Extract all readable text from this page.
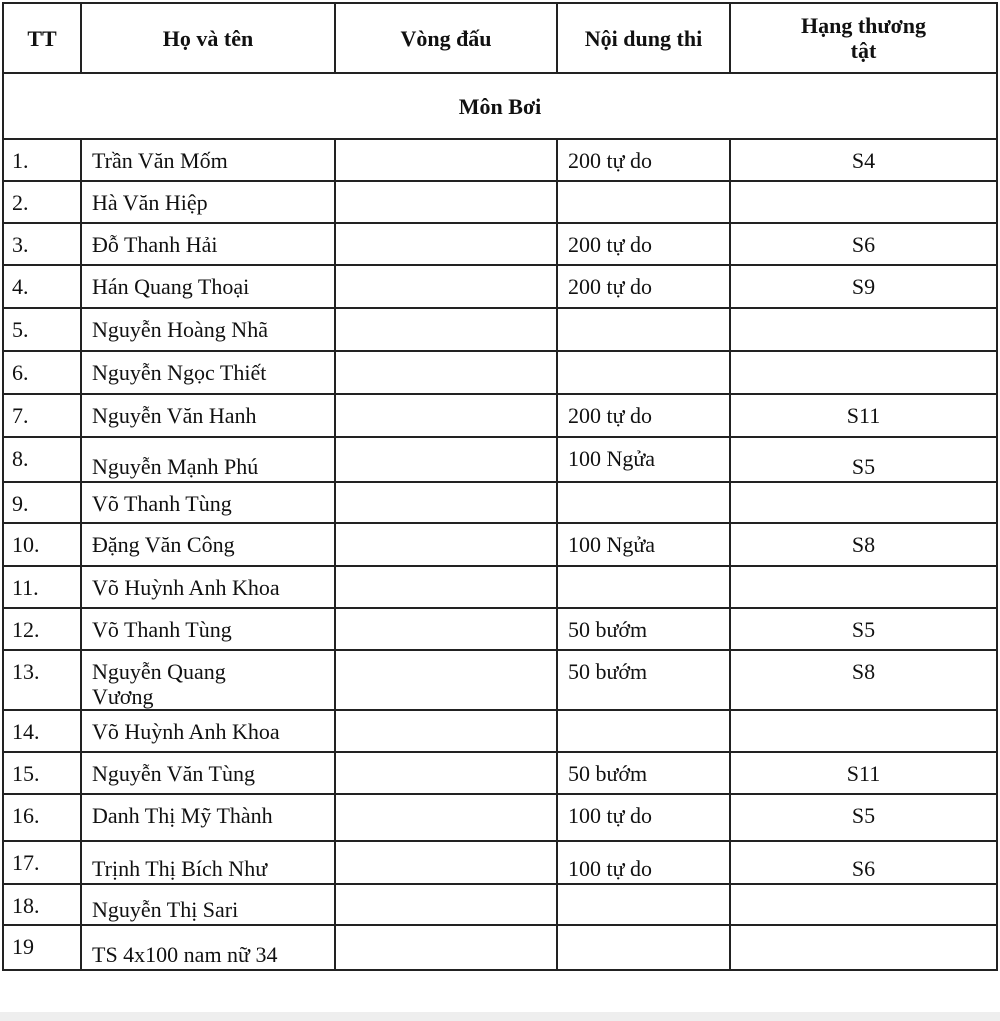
TT	Họ và tên	Vòng đấu	Nội dung thi	Hạng thương tật
Môn Bơi				
1.	Trần Văn Mốm		200 tự do	S4
2.	Hà Văn Hiệp			
3.	Đỗ Thanh Hải		200 tự do	S6
4.	Hán Quang Thoại		200 tự do	S9
5.	Nguyễn Hoàng Nhã			
6.	Nguyễn Ngọc Thiết			
7.	Nguyễn Văn Hanh		200 tự do	S11
8.	Nguyễn Mạnh Phú		100 Ngửa	S5
9.	Võ Thanh Tùng			
10.	Đặng Văn Công		100 Ngửa	S8
11.	Võ Huỳnh Anh Khoa			
12.	Võ Thanh Tùng		50 bướm	S5
13.	Nguyễn Quang Vương		50 bướm	S8
14.	Võ Huỳnh Anh Khoa			
15.	Nguyễn Văn Tùng		50 bướm	S11
16.	Danh Thị Mỹ Thành		100 tự do	S5
17.	Trịnh Thị Bích Như		100 tự do	S6
18.	Nguyễn Thị Sari			
19	TS 4x100 nam nữ 34			
